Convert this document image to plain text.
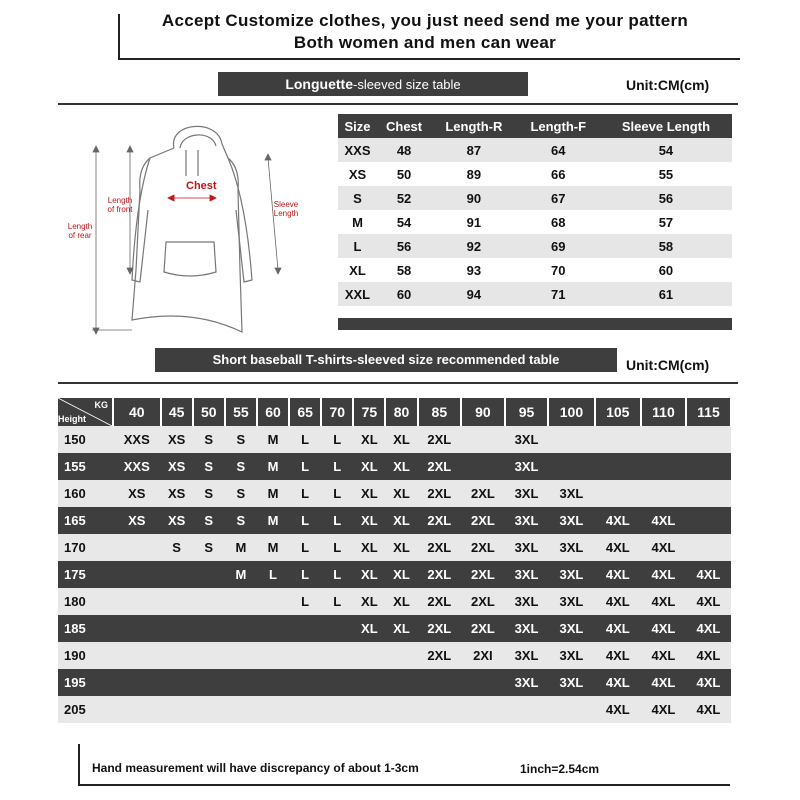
Accept Customize clothes, you just need send me your pattern
Both women and men can wear
Longuette-sleeved size table	Unit:CM(cm)
Chest
Length
of front
Length
of rear
Sleeve
Length
Size	Chest	Length-R	Length-F	Sleeve Length
XXS	48	87	64	54
XS	50	89	66	55
S	52	90	67	56
M	54	91	68	57
L	56	92	69	58
XL	58	93	70	60
XXL	60	94	71	61
Short baseball T-shirts-sleeved size recommended table	Unit:CM(cm)
KG
Height	40	45	50	55	60	65	70	75	80	85	90	95	100	105	110	115
150	XXS	XS	S	S	M	L	L	XL	XL	2XL		3XL				
155	XXS	XS	S	S	M	L	L	XL	XL	2XL		3XL				
160	XS	XS	S	S	M	L	L	XL	XL	2XL	2XL	3XL	3XL			
165	XS	XS	S	S	M	L	L	XL	XL	2XL	2XL	3XL	3XL	4XL	4XL	
170		S	S	M	M	L	L	XL	XL	2XL	2XL	3XL	3XL	4XL	4XL	
175				M	L	L	L	XL	XL	2XL	2XL	3XL	3XL	4XL	4XL	4XL
180						L	L	XL	XL	2XL	2XL	3XL	3XL	4XL	4XL	4XL
185								XL	XL	2XL	2XL	3XL	3XL	4XL	4XL	4XL
190										2XL	2XI	3XL	3XL	4XL	4XL	4XL
195												3XL	3XL	4XL	4XL	4XL
205														4XL	4XL	4XL
Hand measurement will have discrepancy of about 1-3cm	1inch=2.54cm
